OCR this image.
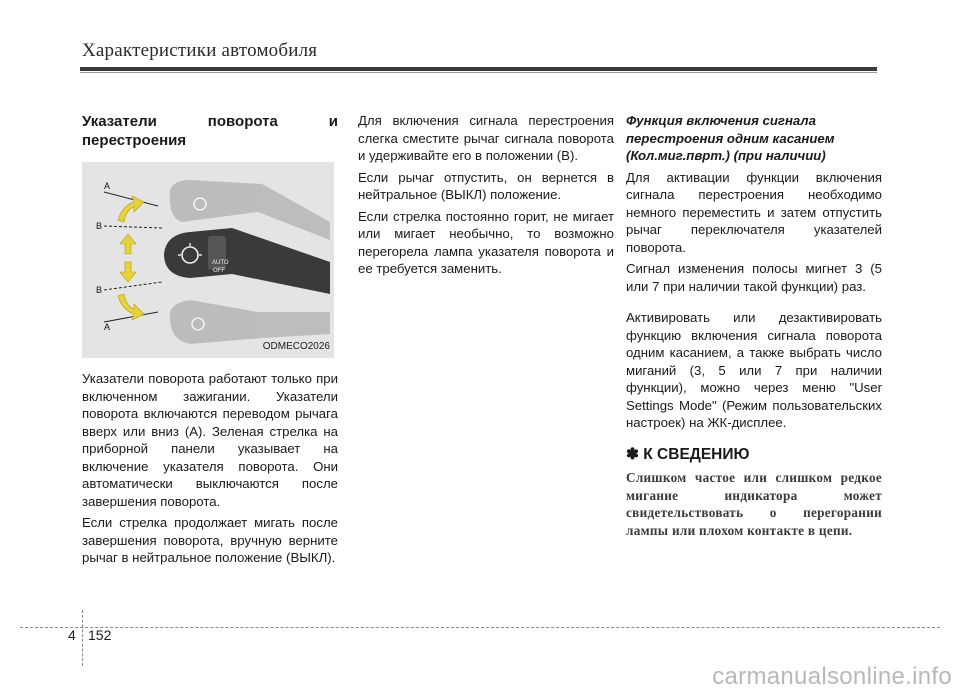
Характеристики автомобиля
Указатели поворота и перестроения
AUTO
OFF
A
B
B
A
ODMECO2026

Указатели поворота работают только при включенном зажигании. Указатели поворота включаются переводом рычага вверх или вниз (A). Зеленая стрелка на приборной панели указывает на включение указателя поворота. Они автоматически выключаются после завершения поворота.

Если стрелка продолжает мигать после завершения поворота, вручную верните рычаг в нейтральное положение (ВЫКЛ).

Для включения сигнала перестроения слегка сместите рычаг сигнала поворота и удерживайте его в положении (B).

Если рычаг отпустить, он вернется в нейтральное (ВЫКЛ) положение.

Если стрелка постоянно горит, не мигает или мигает необычно, то возможно перегорела лампа указателя поворота и ее требуется заменить.

Функция включения сигнала перестроения одним касанием (Кол.миг.пврт.) (при наличии)

Для активации функции включения сигнала перестроения необходимо немного переместить и затем отпустить рычаг переключателя указателей поворота.

Сигнал изменения полосы мигнет 3 (5 или 7 при наличии такой функции) раз.

Активировать или дезактивировать функцию включения сигнала поворота одним касанием, а также выбрать число миганий (3, 5 или 7 при наличии функции), можно через меню "User Settings Mode" (Режим пользовательских настроек) на ЖК-дисплее.

✽ К СВЕДЕНИЮ
Слишком частое или слишком редкое мигание индикатора может свидетельствовать о перегорании лампы или плохом контакте в цепи.
4 152
carmanualsonline.info
